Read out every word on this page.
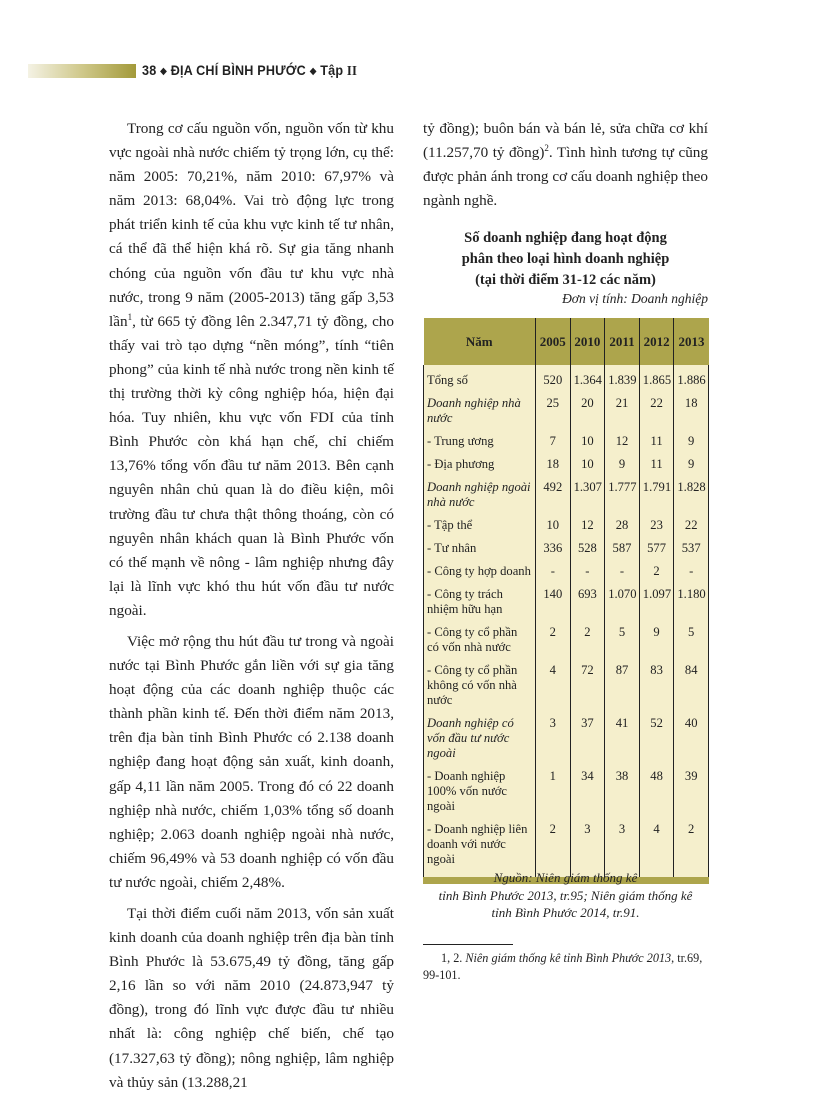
38 ◆ ĐỊA CHÍ BÌNH PHƯỚC ◆ Tập II

Trong cơ cấu nguồn vốn, nguồn vốn từ khu vực ngoài nhà nước chiếm tỷ trọng lớn, cụ thể: năm 2005: 70,21%, năm 2010: 67,97% và năm 2013: 68,04%. Vai trò động lực trong phát triển kinh tế của khu vực kinh tế tư nhân, cá thể đã thể hiện khá rõ. Sự gia tăng nhanh chóng của nguồn vốn đầu tư khu vực nhà nước, trong 9 năm (2005-2013) tăng gấp 3,53 lần$^1$, từ 665 tỷ đồng lên 2.347,71 tỷ đồng, cho thấy vai trò tạo dựng “nền móng”, tính “tiên phong” của kinh tế nhà nước trong nền kinh tế thị trường thời kỳ công nghiệp hóa, hiện đại hóa. Tuy nhiên, khu vực vốn FDI của tỉnh Bình Phước còn khá hạn chế, chỉ chiếm 13,76% tổng vốn đầu tư năm 2013. Bên cạnh nguyên nhân chủ quan là do điều kiện, môi trường đầu tư chưa thật thông thoáng, còn có nguyên nhân khách quan là Bình Phước vốn có thế mạnh về nông - lâm nghiệp nhưng đây lại là lĩnh vực khó thu hút vốn đầu tư nước ngoài.

Việc mở rộng thu hút đầu tư trong và ngoài nước tại Bình Phước gắn liền với sự gia tăng hoạt động của các doanh nghiệp thuộc các thành phần kinh tế. Đến thời điểm năm 2013, trên địa bàn tỉnh Bình Phước có 2.138 doanh nghiệp đang hoạt động sản xuất, kinh doanh, gấp 4,11 lần năm 2005. Trong đó có 22 doanh nghiệp nhà nước, chiếm 1,03% tổng số doanh nghiệp; 2.063 doanh nghiệp ngoài nhà nước, chiếm 96,49% và 53 doanh nghiệp có vốn đầu tư nước ngoài, chiếm 2,48%.

Tại thời điểm cuối năm 2013, vốn sản xuất kinh doanh của doanh nghiệp trên địa bàn tỉnh Bình Phước là 53.675,49 tỷ đồng, tăng gấp 2,16 lần so với năm 2010 (24.873,947 tỷ đồng), trong đó lĩnh vực được đầu tư nhiều nhất là: công nghiệp chế biến, chế tạo (17.327,63 tỷ đồng); nông nghiệp, lâm nghiệp và thủy sản (13.288,21

tỷ đồng); buôn bán và bán lẻ, sửa chữa cơ khí (11.257,70 tỷ đồng)$^2$. Tình hình tương tự cũng được phản ánh trong cơ cấu doanh nghiệp theo ngành nghề.

Số doanh nghiệp đang hoạt động
phân theo loại hình doanh nghiệp
(tại thời điểm 31-12 các năm)
Đơn vị tính: Doanh nghiệp
Năm	2005	2010	2011	2012	2013
Tổng số	520	1.364	1.839	1.865	1.886
Doanh nghiệp nhà nước	25	20	21	22	18
- Trung ương	7	10	12	11	9
- Địa phương	18	10	9	11	9
Doanh nghiệp ngoài nhà nước	492	1.307	1.777	1.791	1.828
- Tập thể	10	12	28	23	22
- Tư nhân	336	528	587	577	537
- Công ty hợp doanh	-	-	-	2	-
- Công ty trách nhiệm hữu hạn	140	693	1.070	1.097	1.180
- Công ty cổ phần có vốn nhà nước	2	2	5	9	5
- Công ty cổ phần không có vốn nhà nước	4	72	87	83	84
Doanh nghiệp có vốn đầu tư nước ngoài	3	37	41	52	40
- Doanh nghiệp 100% vốn nước ngoài	1	34	38	48	39
- Doanh nghiệp liên doanh với nước ngoài	2	3	3	4	2
Nguồn: Niên giám thống kê
tỉnh Bình Phước 2013, tr.95; Niên giám thống kê
tỉnh Bình Phước 2014, tr.91.
1, 2. Niên giám thống kê tỉnh Bình Phước 2013, tr.69, 99-101.
